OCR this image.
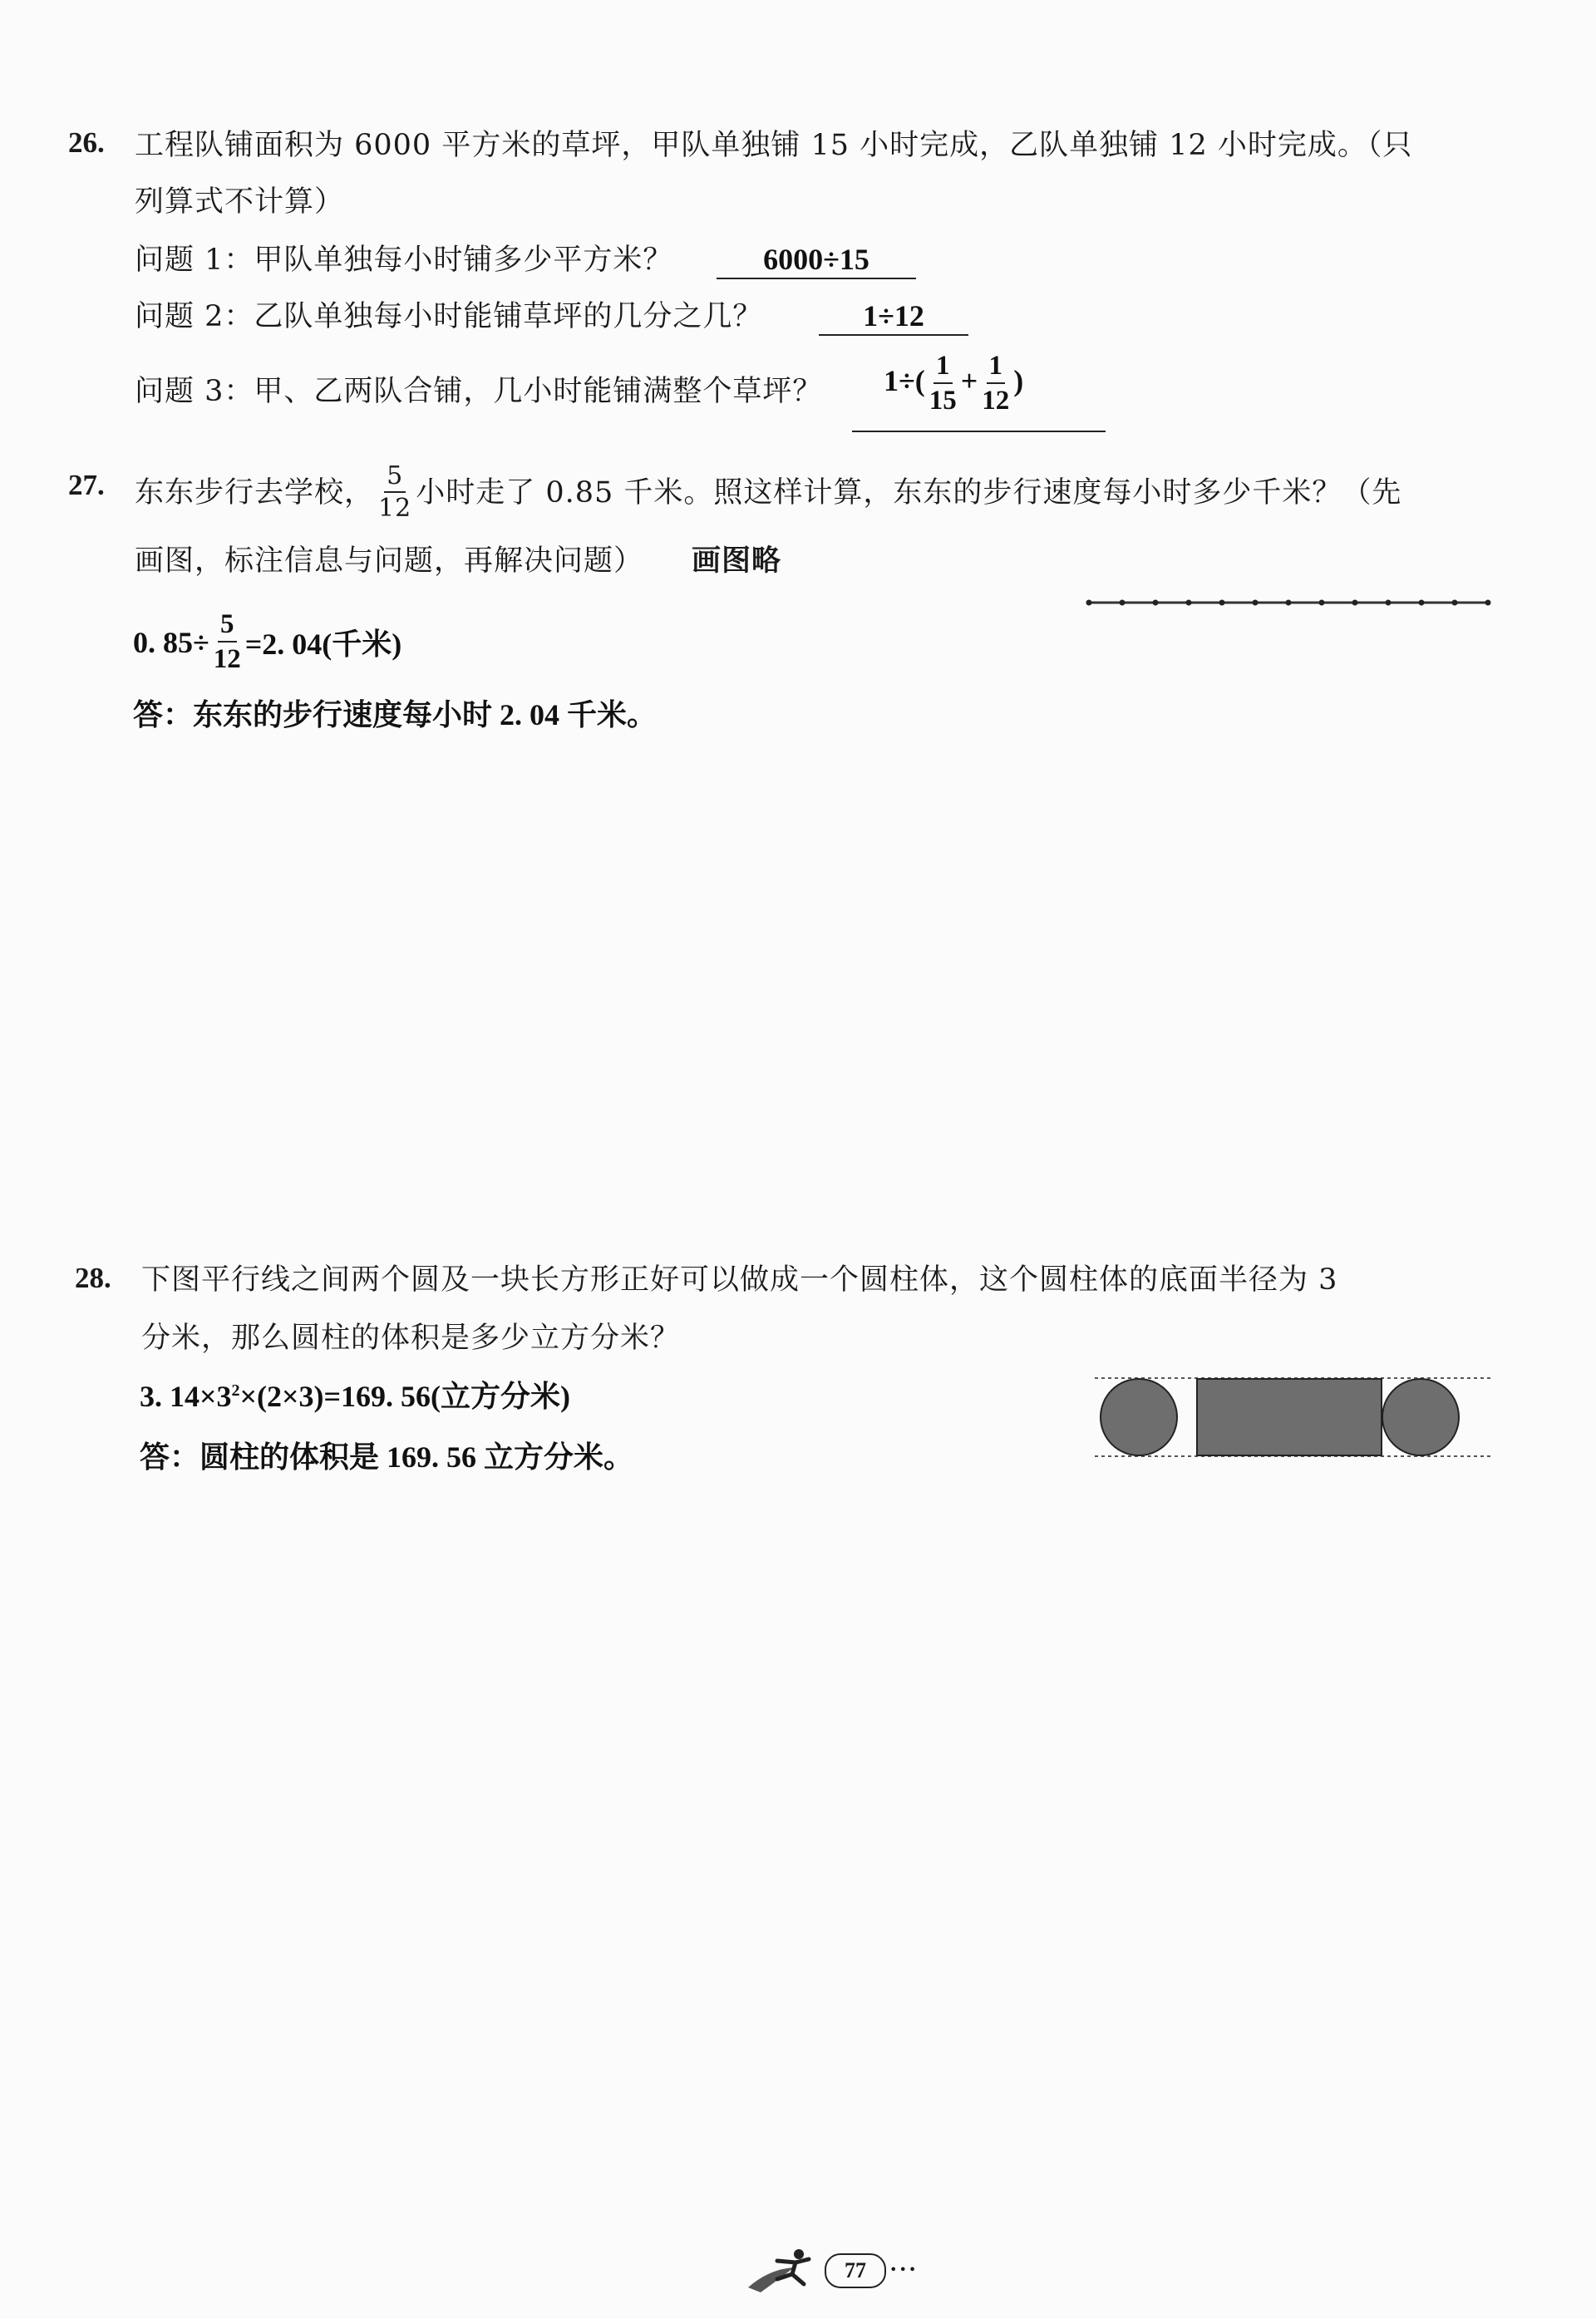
26. 工程队铺面积为 6000 平方米的草坪，甲队单独铺 15 小时完成，乙队单独铺 12 小时完成。（只
列算式不计算）
问题 1：甲队单独每小时铺多少平方米？	6000÷15
问题 2：乙队单独每小时能铺草坪的几分之几？	1÷12
问题 3：甲、乙两队合铺，几小时能铺满整个草坪？ $1\div( \frac{1}{15} + \frac{1}{12}$ )
27. 东东步行去学校， $\frac{5}{12}$ 小时走了 0.85 千米。照这样计算，东东的步行速度每小时多少千米？（先
画图，标注信息与问题，再解决问题） 画图略
0. $85\div \frac{5}{12} =2$. 04(千米)
答：东东的步行速度每小时 2. 04 千米。
28. 下图平行线之间两个圆及一块长方形正好可以做成一个圆柱体，这个圆柱体的底面半径为 3
分米，那么圆柱的体积是多少立方分米？
3. $14\times 3^2\times(2\times 3)=169$. 56(立方分米)
答：圆柱的体积是 169. 56 立方分米。
77	•••
